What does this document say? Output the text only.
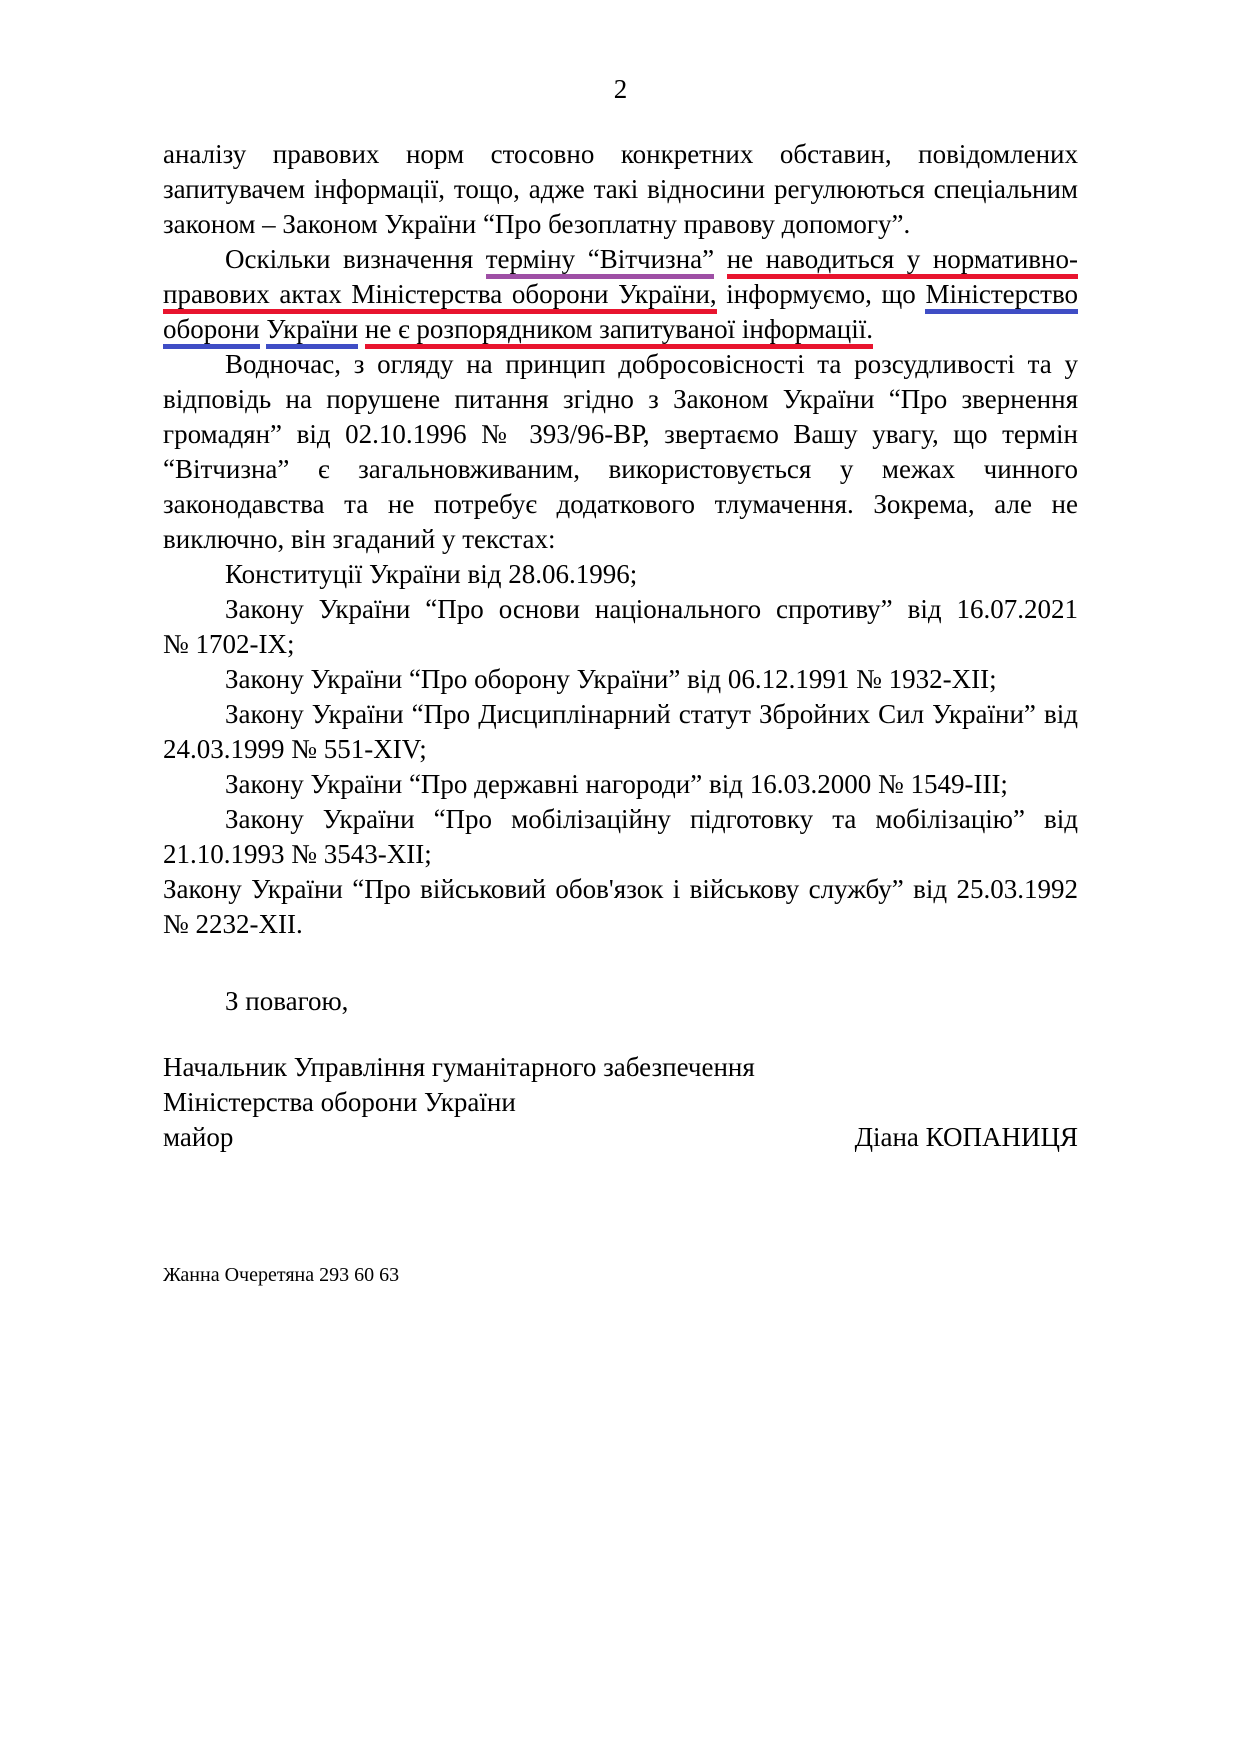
2
аналізу правових норм стосовно конкретних обставин, повідомлених
запитувачем інформації, тощо, адже такі відносини регулюються спеціальним
законом – Законом України “Про безоплатну правову допомогу”.
Оскільки визначення терміну “Вітчизна” не наводиться у нормативно-
правових актах Міністерства оборони України, інформуємо, що Міністерство
оборони України не є розпорядником запитуваної інформації.
Водночас, з огляду на принцип добросовісності та розсудливості та у
відповідь на порушене питання згідно з Законом України “Про звернення
громадян” від 02.10.1996 № 393/96-ВР, звертаємо Вашу увагу, що термін
“Вітчизна” є загальновживаним, використовується у межах чинного
законодавства та не потребує додаткового тлумачення. Зокрема, але не
виключно, він згаданий у текстах:
Конституції України від 28.06.1996;
Закону України “Про основи національного спротиву” від 16.07.2021
№ 1702-IX;
Закону України “Про оборону України” від 06.12.1991 № 1932-XII;
Закону України “Про Дисциплінарний статут Збройних Сил України” від
24.03.1999 № 551-XIV;
Закону України “Про державні нагороди” від 16.03.2000 № 1549-III;
Закону України “Про мобілізаційну підготовку та мобілізацію” від
21.10.1993 № 3543-XII;
Закону України “Про військовий обов'язок і військову службу” від 25.03.1992
№ 2232-XII.
З повагою,
Начальник Управління гуманітарного забезпечення
Міністерства оборони України
майор	Діана КОПАНИЦЯ
Жанна Очеретяна 293 60 63
